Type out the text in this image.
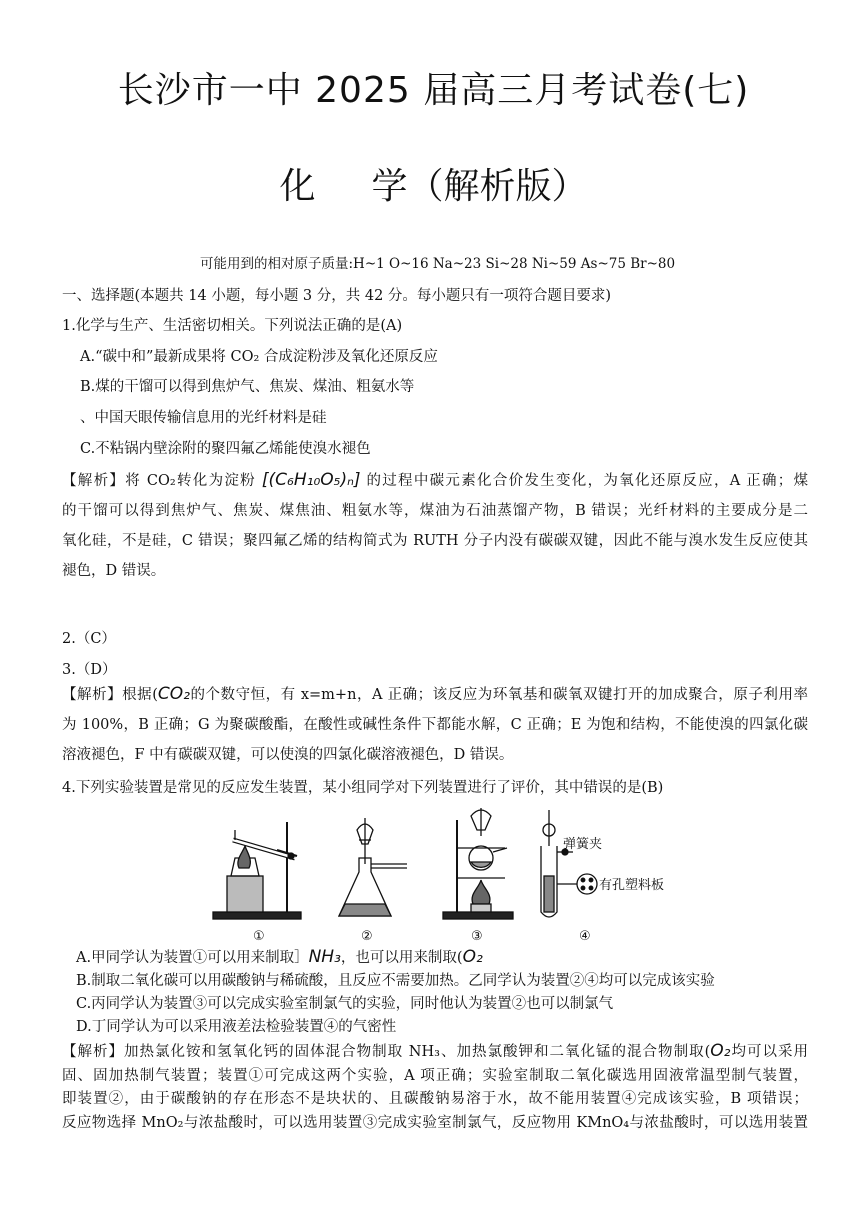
长沙市一中 2025 届高三月考试卷(七)
化 学（解析版）
可能用到的相对原子质量:H~1 O~16 Na~23 Si~28 Ni~59 As~75 Br~80
一、选择题(本题共 14 小题，每小题 3 分，共 42 分。每小题只有一项符合题目要求)
1.化学与生产、生活密切相关。下列说法正确的是(A)
A.“碳中和”最新成果将 CO₂ 合成淀粉涉及氧化还原反应
B.煤的干馏可以得到焦炉气、焦炭、煤油、粗氨水等
、中国天眼传输信息用的光纤材料是硅
C.不粘锅内壁涂附的聚四氟乙烯能使溴水褪色
【解析】将 CO₂转化为淀粉 [(C₆H₁₀O₅)ₙ] 的过程中碳元素化合价发生变化，为氧化还原反应，A 正确；煤
的干馏可以得到焦炉气、焦炭、煤焦油、粗氨水等，煤油为石油蒸馏产物，B 错误；光纤材料的主要成分是二
氧化硅，不是硅，C 错误；聚四氟乙烯的结构简式为 RUTH 分子内没有碳碳双键，因此不能与溴水发生反应使其
褪色，D 错误。
2.（C）
3.（D）
【解析】根据(CO₂的个数守恒，有 x=m+n，A 正确；该反应为环氧基和碳氧双键打开的加成聚合，原子利用率
为 100%，B 正确；G 为聚碳酸酯，在酸性或碱性条件下都能水解，C 正确；E 为饱和结构，不能使溴的四氯化碳
溶液褪色，F 中有碳碳双键，可以使溴的四氯化碳溶液褪色，D 错误。
4.下列实验装置是常见的反应发生装置，某小组同学对下列装置进行了评价，其中错误的是(B)
①	②	③
弹簧夹
有孔塑料板
④
A.甲同学认为装置①可以用来制取］NH₃，也可以用来制取(O₂
B.制取二氧化碳可以用碳酸钠与稀硫酸，且反应不需要加热。乙同学认为装置②④均可以完成该实验
C.丙同学认为装置③可以完成实验室制氯气的实验，同时他认为装置②也可以制氯气
D.丁同学认为可以采用液差法检验装置④的气密性
【解析】加热氯化铵和氢氧化钙的固体混合物制取 NH₃、加热氯酸钾和二氧化锰的混合物制取(O₂均可以采用
固、固加热制气装置；装置①可完成这两个实验，A 项正确；实验室制取二氧化碳选用固液常温型制气装置，
即装置②，由于碳酸钠的存在形态不是块状的、且碳酸钠易溶于水，故不能用装置④完成该实验，B 项错误；
反应物选择 MnO₂与浓盐酸时，可以选用装置③完成实验室制氯气，反应物用 KMnO₄与浓盐酸时，可以选用装置
